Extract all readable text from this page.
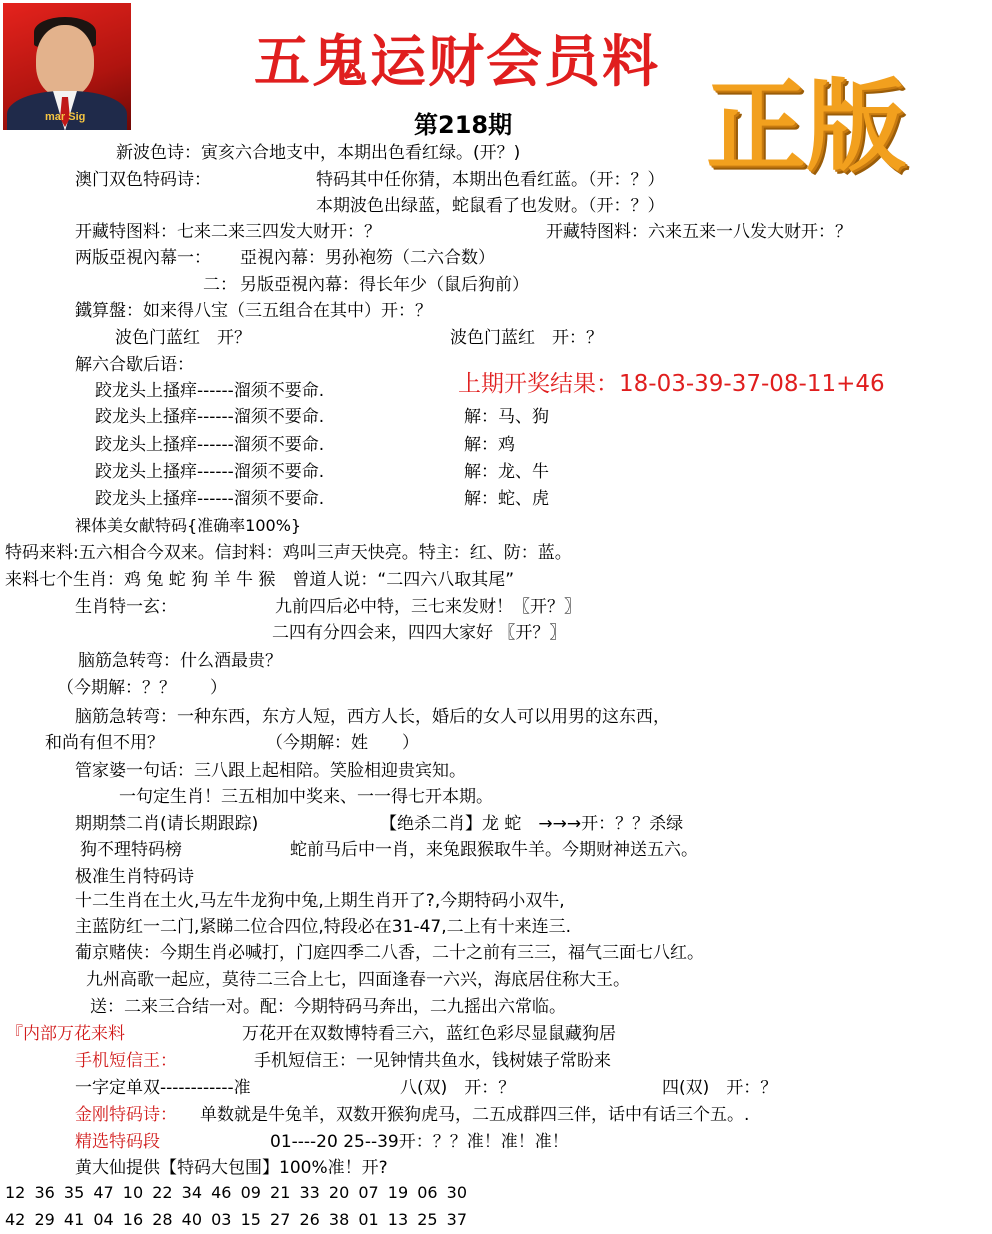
mar Sig
五鬼运财会员料
正版
第218期
上期开奖结果：18-03-39-37-08-11+46
新波色诗：寅亥六合地支中，本期出色看红绿。(开？)
澳门双色特码诗：	特码其中任你猜，本期出色看红蓝。（开：？）
本期波色出绿蓝，蛇鼠看了也发财。（开：？）
开藏特图料：七来二来三四发大财开：？	开藏特图料：六来五来一八发大财开：？
两版亞視內幕一： 亞視內幕：男孙袍笏（二六合数）
二： 另版亞視內幕：得长年少（鼠后狗前）
鐵算盤：如来得八宝（三五组合在其中）开：？
波色门蓝红　开？	波色门蓝红　开：？
解六合歇后语：
跤龙头上搔痒------溜须不要命.
跤龙头上搔痒------溜须不要命.	解：马、狗
跤龙头上搔痒------溜须不要命.	解：鸡
跤龙头上搔痒------溜须不要命.	解：龙、牛
跤龙头上搔痒------溜须不要命.	解：蛇、虎
裸体美女献特码{准确率100%}
特码来料:五六相合今双来。信封料：鸡叫三声天快亮。特主：红、防：蓝。
来料七个生肖：鸡 兔 蛇 狗 羊 牛 猴　曾道人说：“二四六八取其尾”
生肖特一玄：	九前四后必中特，三七来发财！〖开？〗
二四有分四会来，四四大家好 〖开？〗
脑筋急转弯：什么酒最贵？
（今期解：？？　　）
脑筋急转弯：一种东西，东方人短，西方人长，婚后的女人可以用男的这东西，
和尚有但不用？	（今期解：姓　　）
管家婆一句话：三八跟上起相陪。笑脸相迎贵宾知。
一句定生肖！三五相加中奖来、一一得七开本期。
期期禁二肖(请长期跟踪)	【绝杀二肖】龙 蛇　→→→开：？？杀绿
狗不理特码榜	蛇前马后中一肖，来兔跟猴取牛羊。今期财神送五六。
极准生肖特码诗
十二生肖在土火,马左牛龙狗中兔,上期生肖开了?,今期特码小双牛,
主蓝防红一二门,紧睇二位合四位,特段必在31-47,二上有十来连三.
葡京赌侠：今期生肖必喊打，门庭四季二八香，二十之前有三三，福气三面七八红。
九州高歌一起应，莫待二三合上七，四面逢春一六兴，海底居住称大王。
送：二来三合结一对。配：今期特码马奔出，二九摇出六常临。
『内部万花来料	万花开在双数博特看三六，蓝红色彩尽显鼠藏狗居
手机短信王：	手机短信王：一见钟情共鱼水，钱树婊子常盼来
一字定单双------------准	八(双)　开：？	四(双)　开：？
金刚特码诗： 单数就是牛兔羊，双数开猴狗虎马，二五成群四三伴，话中有话三个五。.
精选特码段	01----20 25--39开：？？准！准！准！
黄大仙提供【特码大包围】100%准！开?
12 36 35 47 10 22 34 46 09 21 33 20 07 19 06 30
42 29 41 04 16 28 40 03 15 27 26 38 01 13 25 37
